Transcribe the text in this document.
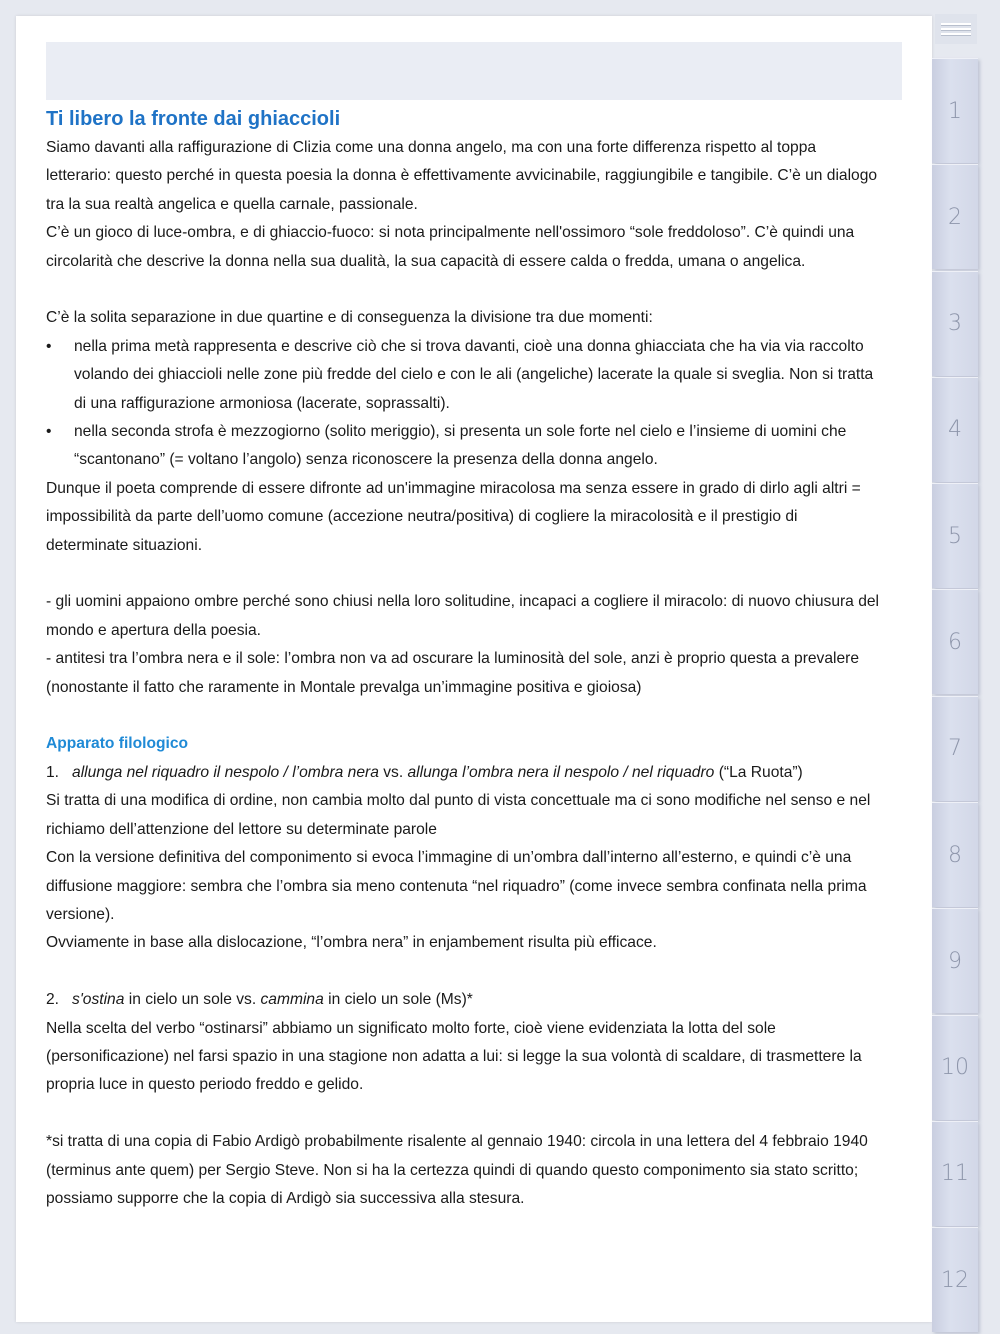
Ti libero la fronte dai ghiaccioli

Siamo davanti alla raffigurazione di Clizia come una donna angelo, ma con una forte differenza rispetto al toppa letterario: questo perché in questa poesia la donna è effettivamente avvicinabile, raggiungibile e tangibile. C’è un dialogo tra la sua realtà angelica e quella carnale, passionale.

C’è un gioco di luce-ombra, e di ghiaccio-fuoco: si nota principalmente nell'ossimoro “sole freddoloso”. C’è quindi una circolarità che descrive la donna nella sua dualità, la sua capacità di essere calda o fredda, umana o angelica.

C’è la solita separazione in due quartine e di conseguenza la divisione tra due momenti:

• nella prima metà rappresenta e descrive ciò che si trova davanti, cioè una donna ghiacciata che ha via via raccolto volando dei ghiaccioli nelle zone più fredde del cielo e con le ali (angeliche) lacerate la quale si sveglia. Non si tratta di una raffigurazione armoniosa (lacerate, soprassalti).
• nella seconda strofa è mezzogiorno (solito meriggio), si presenta un sole forte nel cielo e l’insieme di uomini che “scantonano” (= voltano l’angolo) senza riconoscere la presenza della donna angelo.

Dunque il poeta comprende di essere difronte ad un'immagine miracolosa ma senza essere in grado di dirlo agli altri = impossibilità da parte dell’uomo comune (accezione neutra/positiva) di cogliere la miracolosità e il prestigio di determinate situazioni.

- gli uomini appaiono ombre perché sono chiusi nella loro solitudine, incapaci a cogliere il miracolo: di nuovo chiusura del mondo e apertura della poesia.

- antitesi tra l’ombra nera e il sole: l’ombra non va ad oscurare la luminosità del sole, anzi è proprio questa a prevalere (nonostante il fatto che raramente in Montale prevalga un’immagine positiva e gioiosa)

Apparato filologico

1. allunga nel riquadro il nespolo / l’ombra nera vs. allunga l’ombra nera il nespolo / nel riquadro (“La Ruota”)

Si tratta di una modifica di ordine, non cambia molto dal punto di vista concettuale ma ci sono modifiche nel senso e nel richiamo dell’attenzione del lettore su determinate parole

Con la versione definitiva del componimento si evoca l’immagine di un’ombra dall’interno all’esterno, e quindi c’è una diffusione maggiore: sembra che l’ombra sia meno contenuta “nel riquadro” (come invece sembra confinata nella prima versione).

Ovviamente in base alla dislocazione, “l’ombra nera” in enjambement risulta più efficace.

2. s'ostina in cielo un sole vs. cammina in cielo un sole (Ms)*

Nella scelta del verbo “ostinarsi” abbiamo un significato molto forte, cioè viene evidenziata la lotta del sole (personificazione) nel farsi spazio in una stagione non adatta a lui: si legge la sua volontà di scaldare, di trasmettere la propria luce in questo periodo freddo e gelido.

*si tratta di una copia di Fabio Ardigò probabilmente risalente al gennaio 1940: circola in una lettera del 4 febbraio 1940 (terminus ante quem) per Sergio Steve. Non si ha la certezza quindi di quando questo componimento sia stato scritto; possiamo supporre che la copia di Ardigò sia successiva alla stesura.

1
2
3
4
5
6
7
8
9
10
11
12
